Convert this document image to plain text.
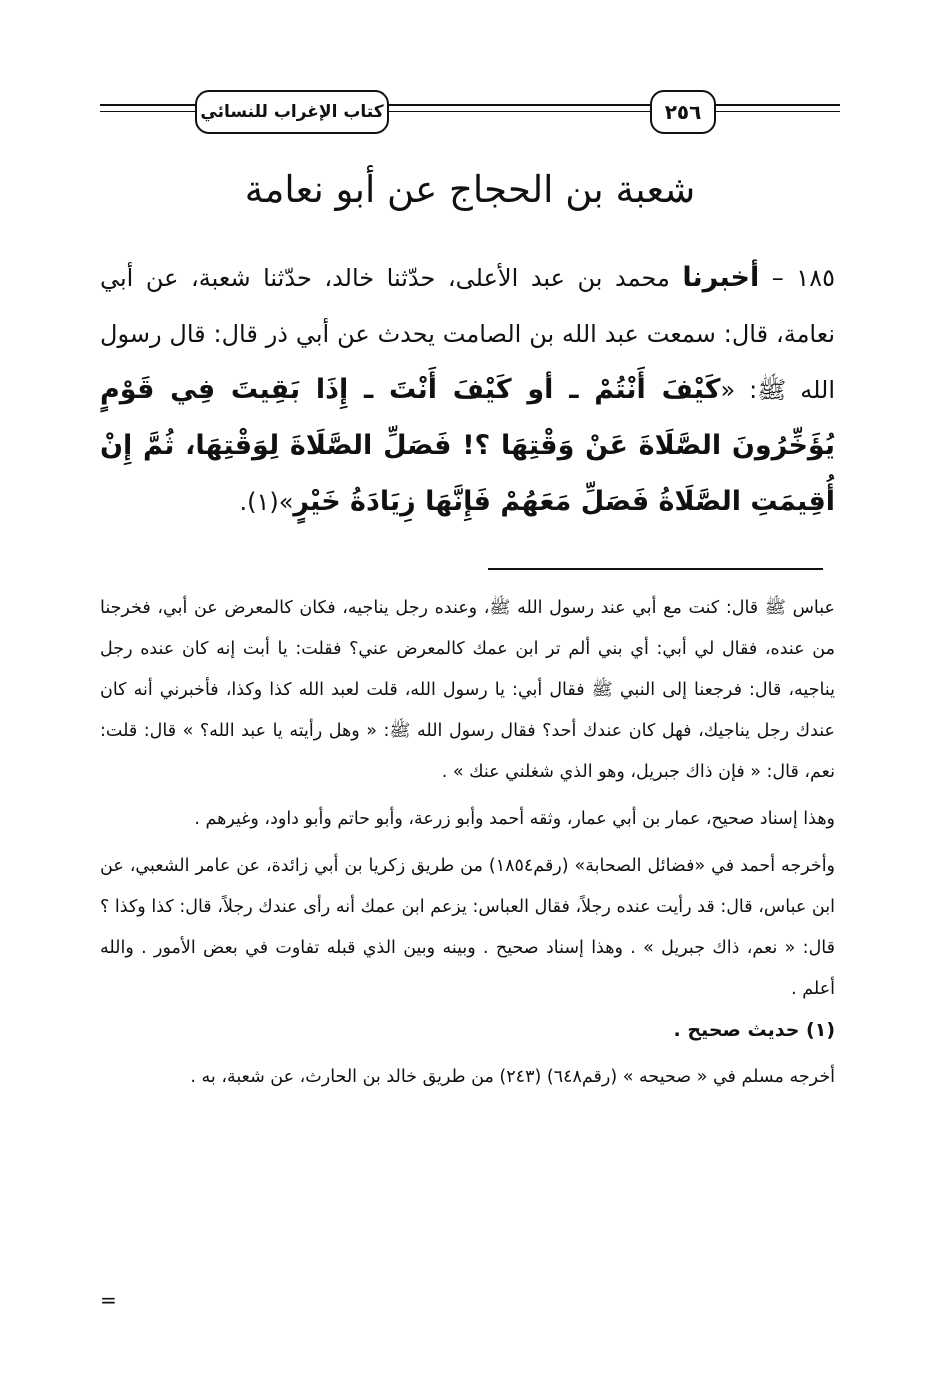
كتاب الإغراب للنسائي	٢٥٦
شعبة بن الحجاج عن أبو نعامة

١٨٥ – أخبرنا محمد بن عبد الأعلى، حدّثنا خالد، حدّثنا شعبة، عن أبي نعامة، قال: سمعت عبد الله بن الصامت يحدث عن أبي ذر قال: قال رسول الله ﷺ: «كَيْفَ أَنْتُمْ ـ أو كَيْفَ أَنْتَ ـ إِذَا بَقِيتَ فِي قَوْمٍ يُؤَخِّرُونَ الصَّلَاةَ عَنْ وَقْتِهَا ؟! فَصَلِّ الصَّلَاةَ لِوَقْتِهَا، ثُمَّ إِنْ أُقِيمَتِ الصَّلَاةُ فَصَلِّ مَعَهُمْ فَإِنَّهَا زِيَادَةُ خَيْرٍ»(١).

عباس ﷺ قال: كنت مع أبي عند رسول الله ﷺ، وعنده رجل يناجيه، فكان كالمعرض عن أبي، فخرجنا من عنده، فقال لي أبي: أي بني ألم تر ابن عمك كالمعرض عني؟ فقلت: يا أبت إنه كان عنده رجل يناجيه، قال: فرجعنا إلى النبي ﷺ فقال أبي: يا رسول الله، قلت لعبد الله كذا وكذا، فأخبرني أنه كان عندك رجل يناجيك، فهل كان عندك أحد؟ فقال رسول الله ﷺ: « وهل رأيته يا عبد الله؟ » قال: قلت: نعم، قال: « فإن ذاك جبريل، وهو الذي شغلني عنك » .

وهذا إسناد صحيح، عمار بن أبي عمار، وثقه أحمد وأبو زرعة، وأبو حاتم وأبو داود، وغيرهم .

وأخرجه أحمد في «فضائل الصحابة» (رقم١٨٥٤) من طريق زكريا بن أبي زائدة، عن عامر الشعبي، عن ابن عباس، قال: قد رأيت عنده رجلاً، فقال العباس: يزعم ابن عمك أنه رأى عندك رجلاً، قال: كذا وكذا ؟ قال: « نعم، ذاك جبريل » . وهذا إسناد صحيح . وبينه وبين الذي قبله تفاوت في بعض الأمور . والله أعلم .

(١) حديث صحيح .

أخرجه مسلم في « صحيحه » (رقم٦٤٨) (٢٤٣) من طريق خالد بن الحارث، عن شعبة، به .

=
